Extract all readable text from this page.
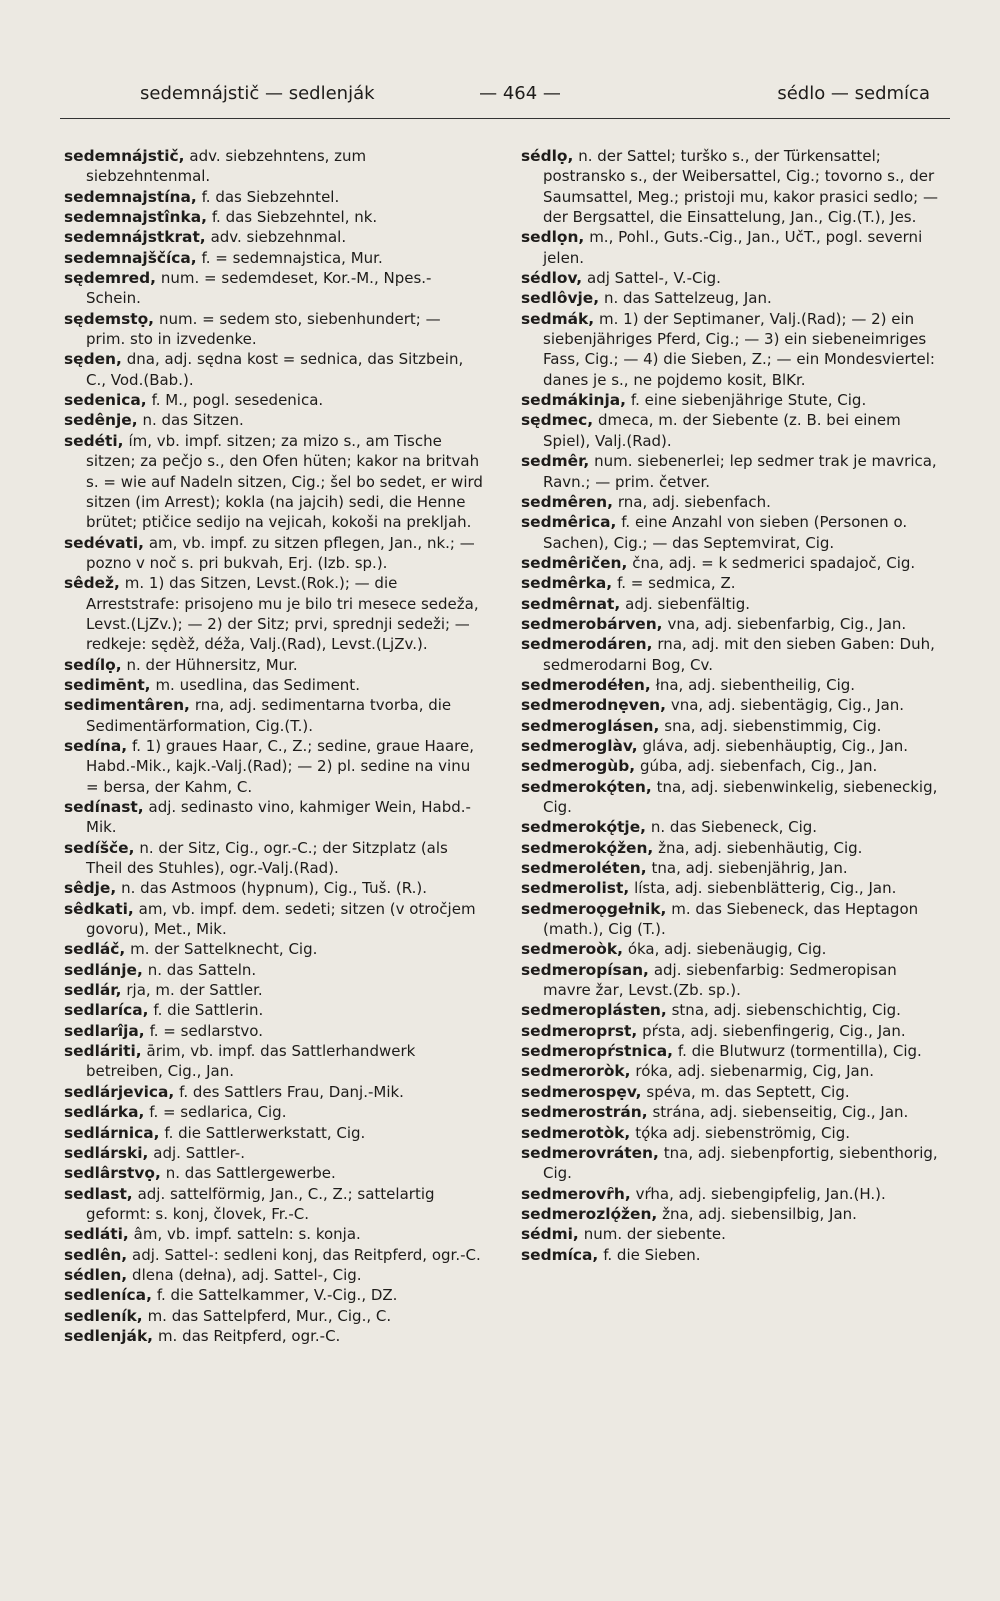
sedemnájstič — sedlenják	— 464 —	sédlo — sedmíca
sedemnájstič, adv. siebzehntens, zum siebzehntenmal.
sedemnajstína, f. das Siebzehntel.
sedemnajstînka, f. das Siebzehntel, nk.
sedemnájstkrat, adv. siebzehnmal.
sedemnajščíca, f. = sedemnajstica, Mur.
sędemred, num. = sedemdeset, Kor.-M., Npes.-Schein.
sędemstọ, num. = sedem sto, siebenhundert; — prim. sto in izvedenke.
sęden, dna, adj. sędna kost = sednica, das Sitzbein, C., Vod.(Bab.).
sedenica, f. M., pogl. sesedenica.
sedênje, n. das Sitzen.
sedéti, ím, vb. impf. sitzen; za mizo s., am Tische sitzen; za pečjo s., den Ofen hüten; kakor na britvah s. = wie auf Nadeln sitzen, Cig.; šel bo sedet, er wird sitzen (im Arrest); kokla (na jajcih) sedi, die Henne brütet; ptičice sedijo na vejicah, kokoši na prekljah.
sedévati, am, vb. impf. zu sitzen pflegen, Jan., nk.; — pozno v noč s. pri bukvah, Erj. (Izb. sp.).
sêdež, m. 1) das Sitzen, Levst.(Rok.); — die Arreststrafe: prisojeno mu je bilo tri mesece sedeža, Levst.(LjZv.); — 2) der Sitz; prvi, sprednji sedeži; — redkeje: sędèž, déža, Valj.(Rad), Levst.(LjZv.).
sedílọ, n. der Hühnersitz, Mur.
sedimēnt, m. usedlina, das Sediment.
sedimentâren, rna, adj. sedimentarna tvorba, die Sedimentärformation, Cig.(T.).
sedína, f. 1) graues Haar, C., Z.; sedine, graue Haare, Habd.-Mik., kajk.-Valj.(Rad); — 2) pl. sedine na vinu = bersa, der Kahm, C.
sedínast, adj. sedinasto vino, kahmiger Wein, Habd.-Mik.
sedíšče, n. der Sitz, Cig., ogr.-C.; der Sitzplatz (als Theil des Stuhles), ogr.-Valj.(Rad).
sêdje, n. das Astmoos (hypnum), Cig., Tuš. (R.).
sêdkati, am, vb. impf. dem. sedeti; sitzen (v otročjem govoru), Met., Mik.
sedláč, m. der Sattelknecht, Cig.
sedlánje, n. das Satteln.
sedlár, rja, m. der Sattler.
sedlaríca, f. die Sattlerin.
sedlarîja, f. = sedlarstvo.
sedláriti, ārim, vb. impf. das Sattlerhandwerk betreiben, Cig., Jan.
sedlárjevica, f. des Sattlers Frau, Danj.-Mik.
sedlárka, f. = sedlarica, Cig.
sedlárnica, f. die Sattlerwerkstatt, Cig.
sedlárski, adj. Sattler-.
sedlârstvọ, n. das Sattlergewerbe.
sedlast, adj. sattelförmig, Jan., C., Z.; sattelartig geformt: s. konj, človek, Fr.-C.
sedláti, âm, vb. impf. satteln: s. konja.
sedlên, adj. Sattel-: sedleni konj, das Reitpferd, ogr.-C.
sédlen, dlena (dełna), adj. Sattel-, Cig.
sedleníca, f. die Sattelkammer, V.-Cig., DZ.
sedleník, m. das Sattelpferd, Mur., Cig., C.
sedlenják, m. das Reitpferd, ogr.-C.
sédlọ, n. der Sattel; turško s., der Türkensattel; postransko s., der Weibersattel, Cig.; tovorno s., der Saumsattel, Meg.; pristoji mu, kakor prasici sedlo; — der Bergsattel, die Einsattelung, Jan., Cig.(T.), Jes.
sedlọn, m., Pohl., Guts.-Cig., Jan., UčT., pogl. severni jelen.
sédlov, adj Sattel-, V.-Cig.
sedlôvje, n. das Sattelzeug, Jan.
sedmák, m. 1) der Septimaner, Valj.(Rad); — 2) ein siebenjähriges Pferd, Cig.; — 3) ein siebeneimriges Fass, Cig.; — 4) die Sieben, Z.; — ein Mondesviertel: danes je s., ne pojdemo kosit, BlKr.
sedmákinja, f. eine siebenjährige Stute, Cig.
sędmec, dmeca, m. der Siebente (z. B. bei einem Spiel), Valj.(Rad).
sedmêr, num. siebenerlei; lep sedmer trak je mavrica, Ravn.; — prim. četver.
sedmêren, rna, adj. siebenfach.
sedmêrica, f. eine Anzahl von sieben (Personen o. Sachen), Cig.; — das Septemvirat, Cig.
sedmêričen, čna, adj. = k sedmerici spadajoč, Cig.
sedmêrka, f. = sedmica, Z.
sedmêrnat, adj. siebenfältig.
sedmerobárven, vna, adj. siebenfarbig, Cig., Jan.
sedmerodáren, rna, adj. mit den sieben Gaben: Duh, sedmerodarni Bog, Cv.
sedmerodéłen, łna, adj. siebentheilig, Cig.
sedmerodnẹven, vna, adj. siebentägig, Cig., Jan.
sedmeroglásen, sna, adj. siebenstimmig, Cig.
sedmeroglàv, gláva, adj. siebenhäuptig, Cig., Jan.
sedmerogùb, gúba, adj. siebenfach, Cig., Jan.
sedmerokǫ́ten, tna, adj. siebenwinkelig, siebeneckig, Cig.
sedmerokǫ́tje, n. das Siebeneck, Cig.
sedmerokǫ́žen, žna, adj. siebenhäutig, Cig.
sedmeroléten, tna, adj. siebenjährig, Jan.
sedmerolist, lísta, adj. siebenblätterig, Cig., Jan.
sedmeroǫgełnik, m. das Siebeneck, das Heptagon (math.), Cig (T.).
sedmeroòk, óka, adj. siebenäugig, Cig.
sedmeropísan, adj. siebenfarbig: Sedmeropisan mavre žar, Levst.(Zb. sp.).
sedmeroplásten, stna, adj. siebenschichtig, Cig.
sedmeroprst, pŕsta, adj. siebenfingerig, Cig., Jan.
sedmeropŕstnica, f. die Blutwurz (tormentilla), Cig.
sedmeroròk, róka, adj. siebenarmig, Cig, Jan.
sedmerospẹv, spéva, m. das Septett, Cig.
sedmerostrán, strána, adj. siebenseitig, Cig., Jan.
sedmerotòk, tǫ́ka adj. siebenströmig, Cig.
sedmerovráten, tna, adj. siebenpfortig, siebenthorig, Cig.
sedmerovȓh, vŕha, adj. siebengipfelig, Jan.(H.).
sedmerozlǫ́žen, žna, adj. siebensilbig, Jan.
sédmi, num. der siebente.
sedmíca, f. die Sieben.
